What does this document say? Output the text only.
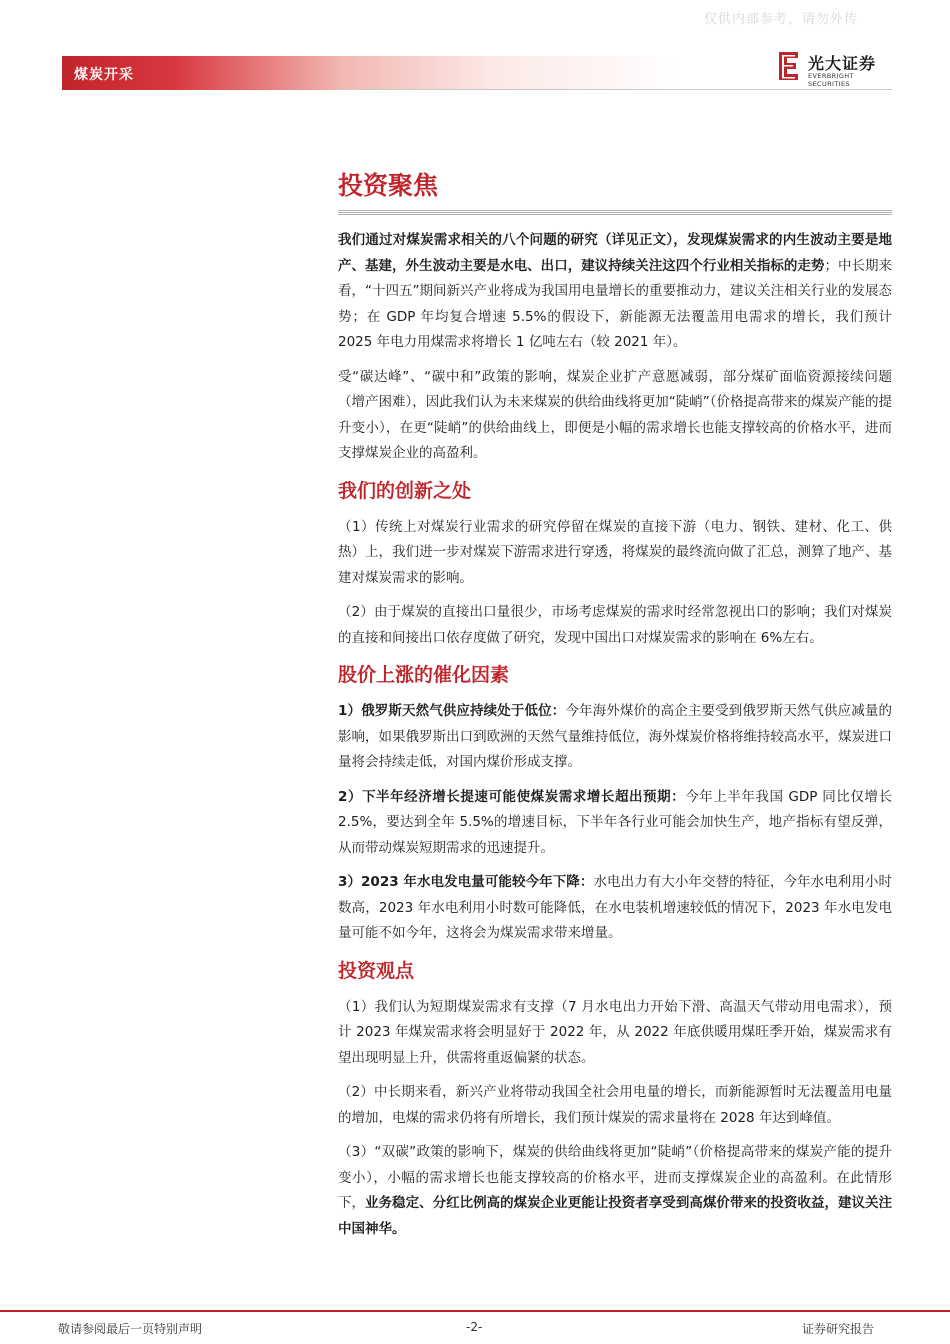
仅供内部参考，请勿外传
煤炭开采
光大证券
EVERBRIGHT SECURITIES
投资聚焦

我们通过对煤炭需求相关的八个问题的研究（详见正文），发现煤炭需求的内生波动主要是地产、基建，外生波动主要是水电、出口，建议持续关注这四个行业相关指标的走势；中长期来看，“十四五”期间新兴产业将成为我国用电量增长的重要推动力，建议关注相关行业的发展态势；在 GDP 年均复合增速 5.5%的假设下，新能源无法覆盖用电需求的增长，我们预计 2025 年电力用煤需求将增长 1 亿吨左右（较 2021 年）。

受“碳达峰”、“碳中和”政策的影响，煤炭企业扩产意愿减弱，部分煤矿面临资源接续问题（增产困难），因此我们认为未来煤炭的供给曲线将更加“陡峭”（价格提高带来的煤炭产能的提升变小），在更“陡峭”的供给曲线上，即便是小幅的需求增长也能支撑较高的价格水平，进而支撑煤炭企业的高盈利。

我们的创新之处

（1）传统上对煤炭行业需求的研究停留在煤炭的直接下游（电力、钢铁、建材、化工、供热）上，我们进一步对煤炭下游需求进行穿透，将煤炭的最终流向做了汇总，测算了地产、基建对煤炭需求的影响。

（2）由于煤炭的直接出口量很少，市场考虑煤炭的需求时经常忽视出口的影响；我们对煤炭的直接和间接出口依存度做了研究，发现中国出口对煤炭需求的影响在 6%左右。

股价上涨的催化因素

1）俄罗斯天然气供应持续处于低位：今年海外煤价的高企主要受到俄罗斯天然气供应减量的影响，如果俄罗斯出口到欧洲的天然气量维持低位，海外煤炭价格将维持较高水平，煤炭进口量将会持续走低，对国内煤价形成支撑。

2）下半年经济增长提速可能使煤炭需求增长超出预期：今年上半年我国 GDP 同比仅增长 2.5%，要达到全年 5.5%的增速目标，下半年各行业可能会加快生产，地产指标有望反弹，从而带动煤炭短期需求的迅速提升。

3）2023 年水电发电量可能较今年下降：水电出力有大小年交替的特征，今年水电利用小时数高，2023 年水电利用小时数可能降低，在水电装机增速较低的情况下，2023 年水电发电量可能不如今年，这将会为煤炭需求带来增量。

投资观点

（1）我们认为短期煤炭需求有支撑（7 月水电出力开始下滑、高温天气带动用电需求），预计 2023 年煤炭需求将会明显好于 2022 年，从 2022 年底供暖用煤旺季开始，煤炭需求有望出现明显上升，供需将重返偏紧的状态。

（2）中长期来看，新兴产业将带动我国全社会用电量的增长，而新能源暂时无法覆盖用电量的增加，电煤的需求仍将有所增长，我们预计煤炭的需求量将在 2028 年达到峰值。

（3）“双碳”政策的影响下，煤炭的供给曲线将更加“陡峭”（价格提高带来的煤炭产能的提升变小），小幅的需求增长也能支撑较高的价格水平，进而支撑煤炭企业的高盈利。在此情形下，业务稳定、分红比例高的煤炭企业更能让投资者享受到高煤价带来的投资收益，建议关注中国神华。

敬请参阅最后一页特别声明	-2-	证券研究报告
